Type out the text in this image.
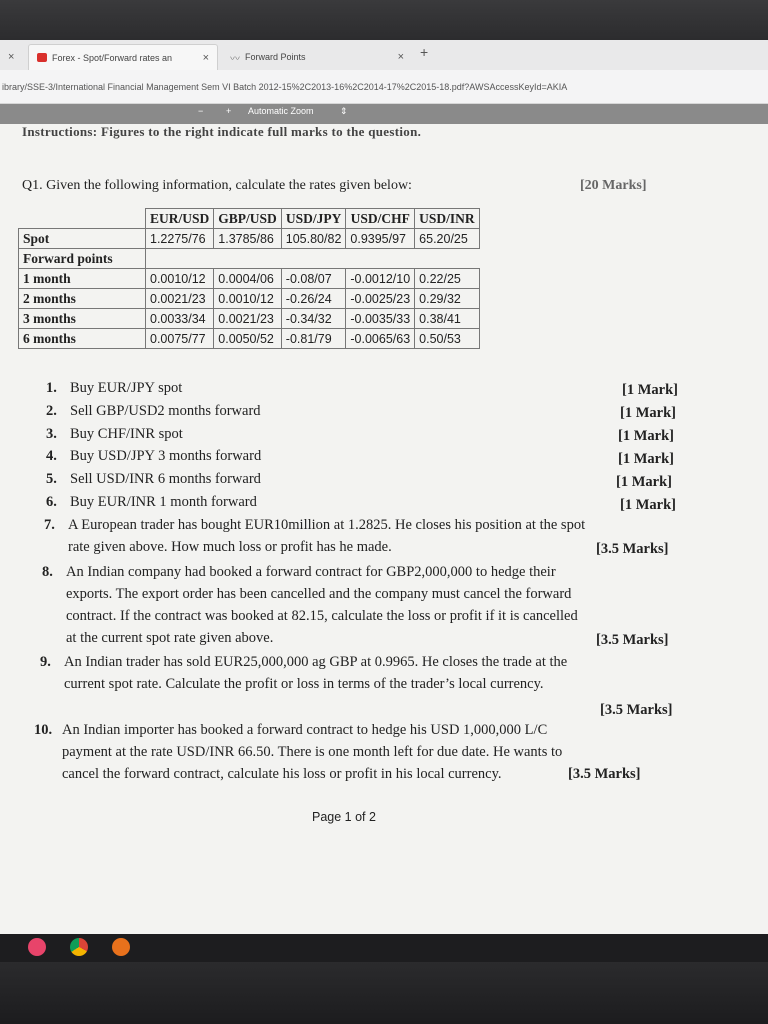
×	Forex - Spot/Forward rates an	× 〰 Forward Points	× +
ibrary/SSE-3/International Financial Management Sem VI Batch 2012-15%2C2013-16%2C2014-17%2C2015-18.pdf?AWSAccessKeyId=AKIA
−	+ Automatic Zoom	⇕
Instructions: Figures to the right indicate full marks to the question.
Q1. Given the following information, calculate the rates given below:	[20 Marks]
	EUR/USD	GBP/USD	USD/JPY	USD/CHF	USD/INR
Spot	1.2275/76	1.3785/86	105.80/82	0.9395/97	65.20/25
Forward points					
1 month	0.0010/12	0.0004/06	-0.08/07	-0.0012/10	0.22/25
2 months	0.0021/23	0.0010/12	-0.26/24	-0.0025/23	0.29/32
3 months	0.0033/34	0.0021/23	-0.34/32	-0.0035/33	0.38/41
6 months	0.0075/77	0.0050/52	-0.81/79	-0.0065/63	0.50/53
1. Buy EUR/JPY spot	[1 Mark]
2. Sell GBP/USD2 months forward	[1 Mark]
3. Buy CHF/INR spot	[1 Mark]
4. Buy USD/JPY 3 months forward	[1 Mark]
5. Sell USD/INR 6 months forward	[1 Mark]
6. Buy EUR/INR 1 month forward	[1 Mark]
7. A European trader has bought EUR10million at 1.2825. He closes his position at the spot
rate given above. How much loss or profit has he made.	[3.5 Marks]
8. An Indian company had booked a forward contract for GBP2,000,000 to hedge their
exports. The export order has been cancelled and the company must cancel the forward
contract. If the contract was booked at 82.15, calculate the loss or profit if it is cancelled
at the current spot rate given above.	[3.5 Marks]
9. An Indian trader has sold EUR25,000,000 ag GBP at 0.9965. He closes the trade at the
current spot rate. Calculate the profit or loss in terms of the trader’s local currency.
[3.5 Marks]
10. An Indian importer has booked a forward contract to hedge his USD 1,000,000 L/C
payment at the rate USD/INR 66.50. There is one month left for due date. He wants to
cancel the forward contract, calculate his loss or profit in his local currency.	[3.5 Marks]
Page 1 of 2
